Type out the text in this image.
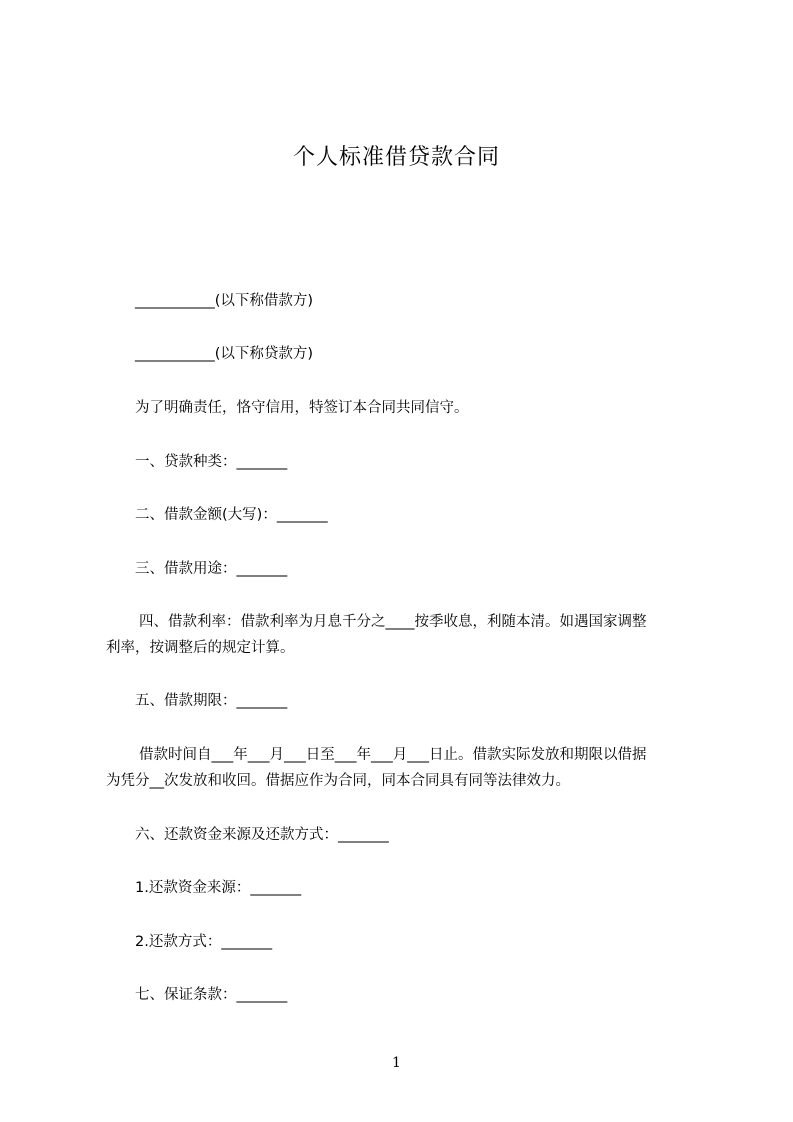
个人标准借贷款合同
___________(以下称借款方)
___________(以下称贷款方)
为了明确责任，恪守信用，特签订本合同共同信守。
一、贷款种类：_______
二、借款金额(大写)：_______
三、借款用途：_______
四、借款利率：借款利率为月息千分之____按季收息，利随本清。如遇国家调整
利率，按调整后的规定计算。
五、借款期限：_______
借款时间自___年___月___日至___年___月___日止。借款实际发放和期限以借据
为凭分__次发放和收回。借据应作为合同，同本合同具有同等法律效力。
六、还款资金来源及还款方式：_______
1.还款资金来源：_______
2.还款方式：_______
七、保证条款：_______
1
